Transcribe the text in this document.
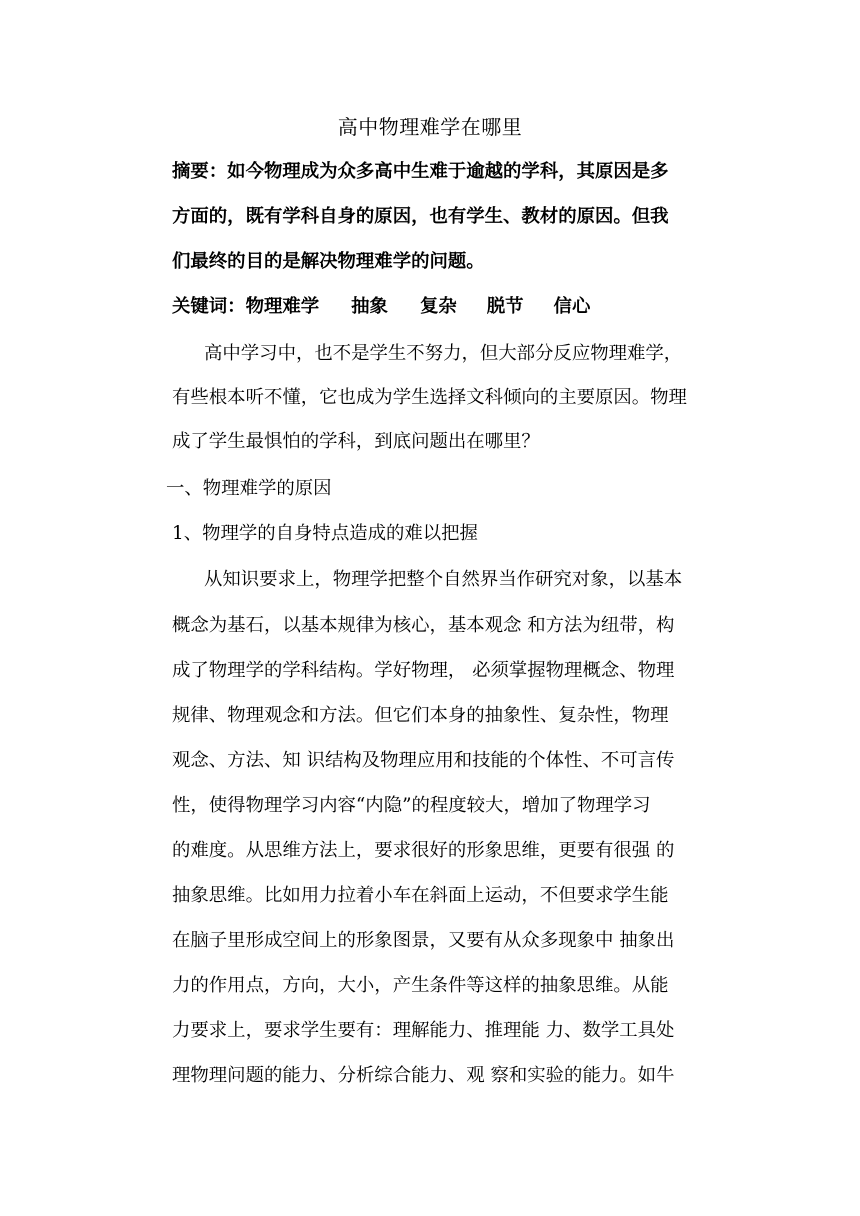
高中物理难学在哪里
摘要：如今物理成为众多高中生难于逾越的学科，其原因是多
方面的，既有学科自身的原因，也有学生、教材的原因。但我
们最终的目的是解决物理难学的问题。
关键词： 物理难学 抽象 复杂 脱节 信心
高中学习中，也不是学生不努力，但大部分反应物理难学，
有些根本听不懂，它也成为学生选择文科倾向的主要原因。物理
成了学生最惧怕的学科，到底问题出在哪里？
一、物理难学的原因
1、物理学的自身特点造成的难以把握
从知识要求上，物理学把整个自然界当作研究对象，以基本
概念为基石，以基本规律为核心，基本观念 和方法为纽带，构
成了物理学的学科结构。学好物理， 必须掌握物理概念、物理
规律、物理观念和方法。但它们本身的抽象性、复杂性，物理
观念、方法、知 识结构及物理应用和技能的个体性、不可言传
性，使得物理学习内容“内隐”的程度较大，增加了物理学习
的难度。从思维方法上，要求很好的形象思维，更要有很强 的
抽象思维。比如用力拉着小车在斜面上运动，不但要求学生能
在脑子里形成空间上的形象图景，又要有从众多现象中 抽象出
力的作用点，方向，大小，产生条件等这样的抽象思维。从能
力要求上，要求学生要有：理解能力、推理能 力、数学工具处
理物理问题的能力、分析综合能力、观 察和实验的能力。如牛
